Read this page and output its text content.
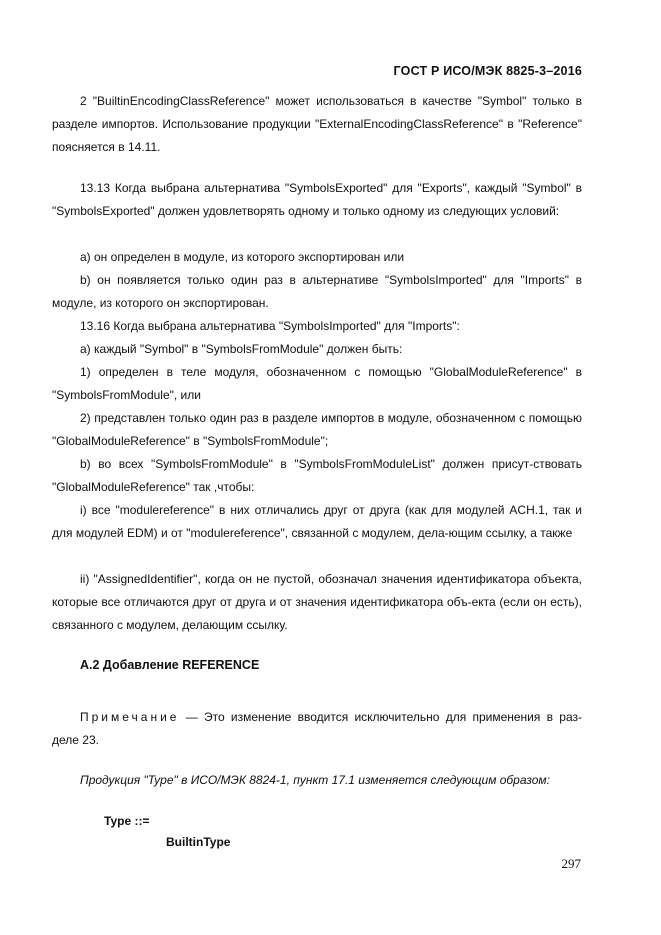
ГОСТ Р ИСО/МЭК 8825-3–2016
2 "BuiltinEncodingClassReference" может использоваться в качестве "Symbol" только в разделе импортов. Использование продукции "ExternalEncodingClassReference" в "Reference" поясняется в 14.11.
13.13 Когда выбрана альтернатива "SymbolsExported" для "Exports", каждый "Symbol" в "SymbolsExported" должен удовлетворять одному и только одному из следующих условий:
а) он определен в модуле, из которого экспортирован или
b) он появляется только один раз в альтернативе "SymbolsImported" для "Imports" в модуле, из которого он экспортирован.
13.16 Когда выбрана альтернатива "SymbolsImported" для "Imports":
а) каждый "Symbol" в "SymbolsFromModule" должен быть:
1) определен в теле модуля, обозначенном с помощью "GlobalModuleReference" в "SymbolsFromModule", или
2) представлен только один раз в разделе импортов в модуле, обозначенном с помощью "GlobalModuleReference" в "SymbolsFromModule";
b) во всех "SymbolsFromModule" в "SymbolsFromModuleList" должен присут-ствовать "GlobalModuleReference" так ,чтобы:
i) все "modulereference" в них отличались друг от друга (как для модулей ACH.1, так и для модулей EDM) и от "modulereference", связанной с модулем, дела-ющим ссылку, а также
ii) "AssignedIdentifier", когда он не пустой, обозначал значения идентификатора объекта, которые все отличаются друг от друга и от значения идентификатора объ-екта (если он есть), связанного с модулем, делающим ссылку.
А.2 Добавление REFERENCE
Примечание — Это изменение вводится исключительно для применения в раз-деле 23.
Продукция "Type" в ИСО/МЭК 8824-1, пункт 17.1 изменяется следующим образом:
Type ::=
BuiltinType
297
